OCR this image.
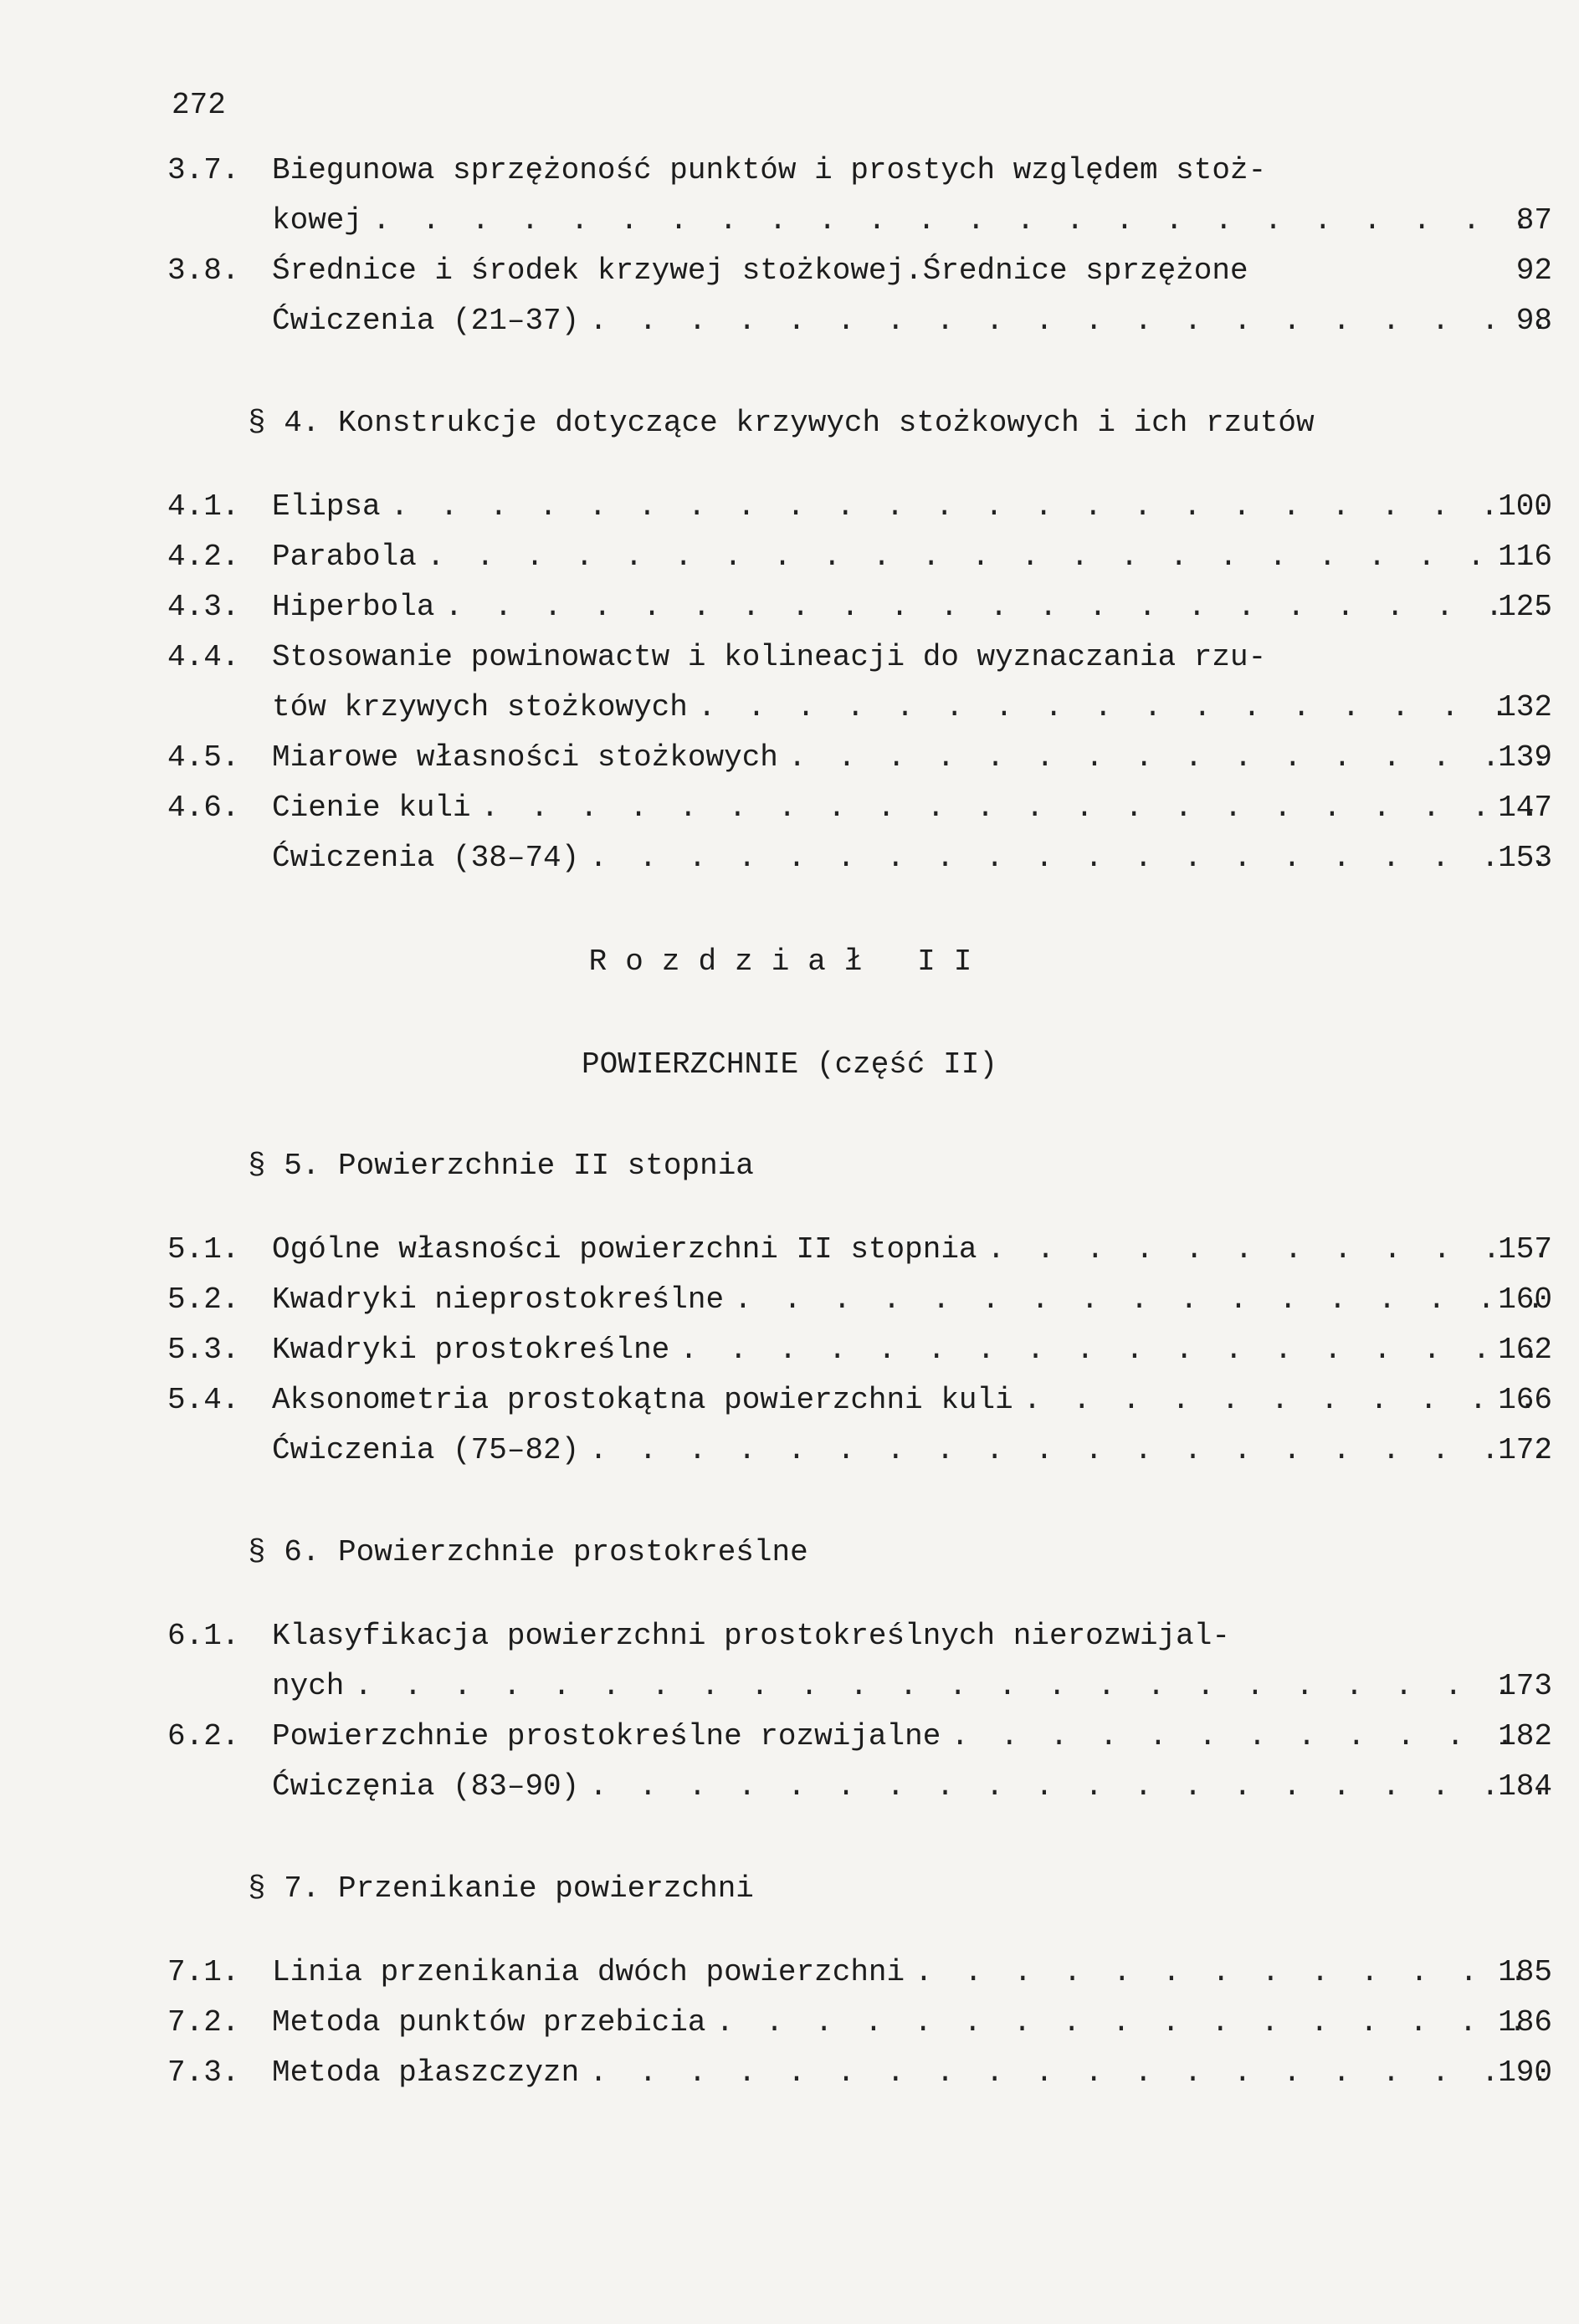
272
3.7. Biegunowa sprzężoność punktów i prostych względem stoż-
kowej . . .	87
3.8. Średnice i środek krzywej stożkowej.Średnice sprzężone	92
Ćwiczenia (21–37) . . .	98
§ 4. Konstrukcje dotyczące krzywych stożkowych i ich rzutów
4.1. Elipsa . . .	100
4.2. Parabola . . .	116
4.3. Hiperbola . . .	125
4.4. Stosowanie powinowactw i kolineacji do wyznaczania rzu-
tów krzywych stożkowych . . .	132
4.5. Miarowe własności stożkowych . . .	139
4.6. Cienie kuli . . .	147
Ćwiczenia (38–74) . . .	153
Rozdział II
POWIERZCHNIE (część II)
§ 5. Powierzchnie II stopnia
5.1. Ogólne własności powierzchni II stopnia . . .	157
5.2. Kwadryki nieprostokreślne . . .	160
5.3. Kwadryki prostokreślne . . .	162
5.4. Aksonometria prostokątna powierzchni kuli . . .	166
Ćwiczenia (75–82) . . .	172
§ 6. Powierzchnie prostokreślne
6.1. Klasyfikacja powierzchni prostokreślnych nierozwijal-
nych . . .	173
6.2. Powierzchnie prostokreślne rozwijalne . . .	182
Ćwiczęnia (83–90) . . .	184
§ 7. Przenikanie powierzchni
7.1. Linia przenikania dwóch powierzchni . . .	185
7.2. Metoda punktów przebicia . . .	186
7.3. Metoda płaszczyzn . . .	190
